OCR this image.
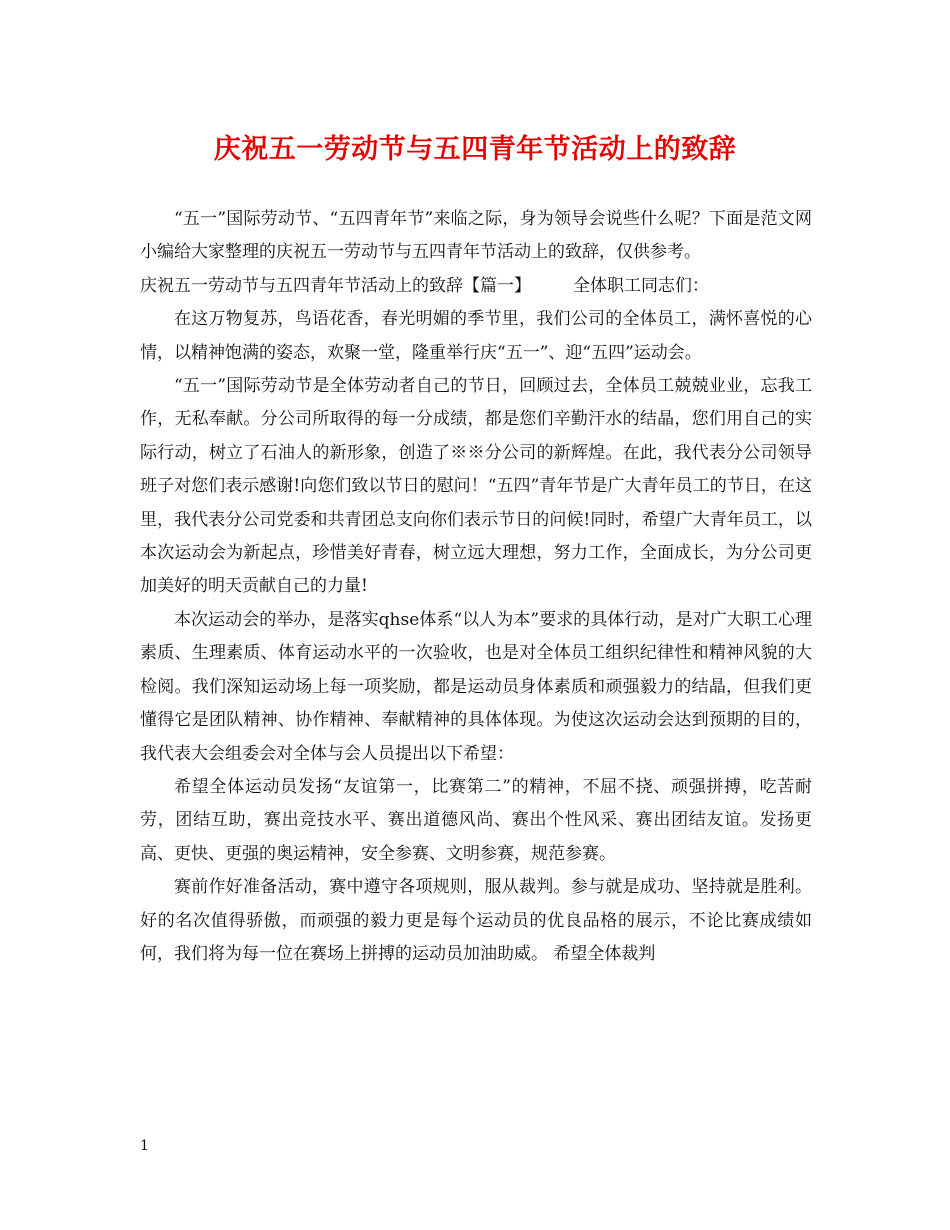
庆祝五一劳动节与五四青年节活动上的致辞

“五一”国际劳动节、“五四青年节”来临之际，身为领导会说些什么呢？下面是范文网小编给大家整理的庆祝五一劳动节与五四青年节活动上的致辞，仅供参考。

庆祝五一劳动节与五四青年节活动上的致辞【篇一】 全体职工同志们：

在这万物复苏，鸟语花香，春光明媚的季节里，我们公司的全体员工，满怀喜悦的心情，以精神饱满的姿态，欢聚一堂，隆重举行庆“五一”、迎“五四”运动会。

“五一”国际劳动节是全体劳动者自己的节日，回顾过去，全体员工兢兢业业，忘我工作，无私奉献。分公司所取得的每一分成绩，都是您们辛勤汗水的结晶，您们用自己的实际行动，树立了石油人的新形象，创造了※※分公司的新辉煌。在此，我代表分公司领导班子对您们表示感谢!向您们致以节日的慰问！“五四”青年节是广大青年员工的节日，在这里，我代表分公司党委和共青团总支向你们表示节日的问候!同时，希望广大青年员工，以本次运动会为新起点，珍惜美好青春，树立远大理想，努力工作，全面成长，为分公司更加美好的明天贡献自己的力量!

本次运动会的举办，是落实qhse体系“以人为本”要求的具体行动，是对广大职工心理素质、生理素质、体育运动水平的一次验收，也是对全体员工组织纪律性和精神风貌的大检阅。我们深知运动场上每一项奖励，都是运动员身体素质和顽强毅力的结晶，但我们更懂得它是团队精神、协作精神、奉献精神的具体体现。为使这次运动会达到预期的目的，我代表大会组委会对全体与会人员提出以下希望：

希望全体运动员发扬“友谊第一，比赛第二”的精神，不屈不挠、顽强拼搏，吃苦耐劳，团结互助，赛出竞技水平、赛出道德风尚、赛出个性风采、赛出团结友谊。发扬更高、更快、更强的奥运精神，安全参赛、文明参赛，规范参赛。

赛前作好准备活动，赛中遵守各项规则，服从裁判。参与就是成功、坚持就是胜利。好的名次值得骄傲，而顽强的毅力更是每个运动员的优良品格的展示，不论比赛成绩如何，我们将为每一位在赛场上拼搏的运动员加油助威。 希望全体裁判

1
